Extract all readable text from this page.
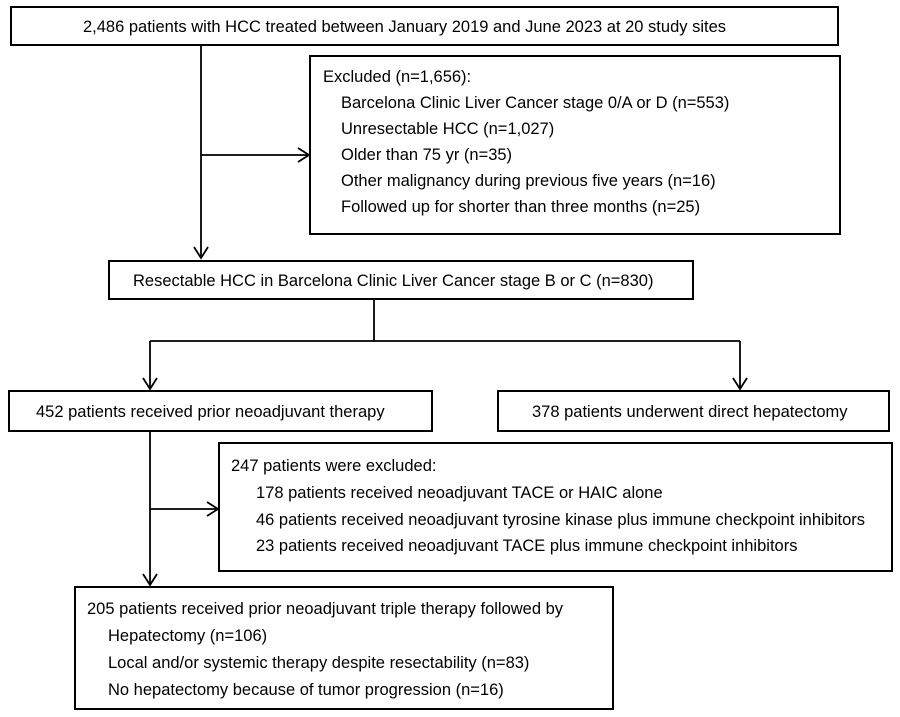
2,486 patients with HCC treated between January 2019 and June 2023 at 20 study sites
Excluded (n=1,656):
Barcelona Clinic Liver Cancer stage 0/A or D (n=553)
Unresectable HCC (n=1,027)
Older than 75 yr (n=35)
Other malignancy during previous five years (n=16)
Followed up for shorter than three months (n=25)
Resectable HCC in Barcelona Clinic Liver Cancer stage B or C (n=830)
452 patients received prior neoadjuvant therapy	378 patients underwent direct hepatectomy
247 patients were excluded:
178 patients received neoadjuvant TACE or HAIC alone
46 patients received neoadjuvant tyrosine kinase plus immune checkpoint inhibitors
23 patients received neoadjuvant TACE plus immune checkpoint inhibitors
205 patients received prior neoadjuvant triple therapy followed by
Hepatectomy (n=106)
Local and/or systemic therapy despite resectability (n=83)
No hepatectomy because of tumor progression (n=16)
